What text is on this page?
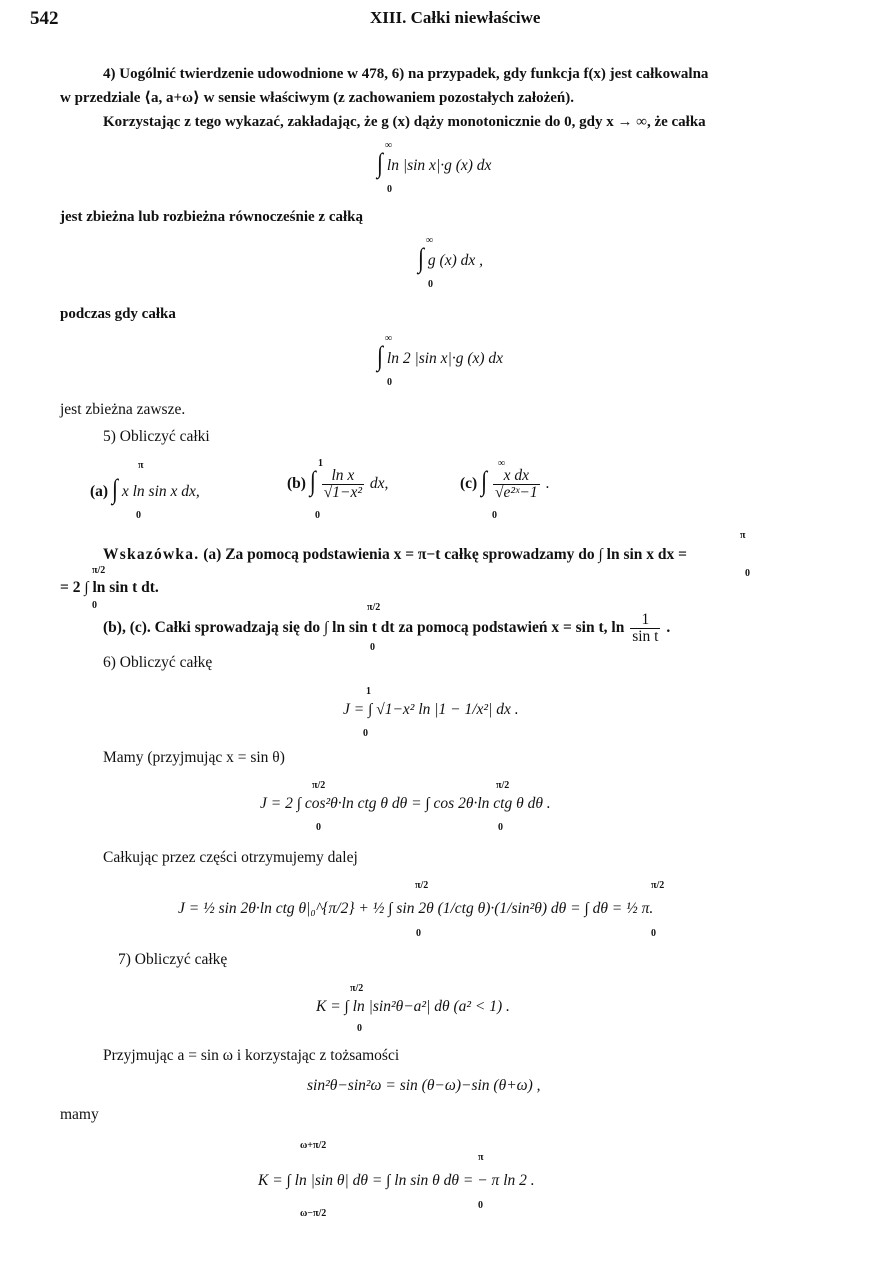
542	XIII. Całki niewłaściwe
4) Uogólnić twierdzenie udowodnione w 478, 6) na przypadek, gdy funkcja f(x) jest całkowalna
w przedziale ⟨a, a+ω⟩ w sensie właściwym (z zachowaniem pozostałych założeń).
Korzystając z tego wykazać, zakładając, że g (x) dąży monotonicznie do 0, gdy x → ∞, że całka
∞
∫ ln |sin x|·g (x) dx
0
jest zbieżna lub rozbieżna równocześnie z całką
∞
∫ g (x) dx ,
0
podczas gdy całka
∞
∫ ln 2 |sin x|·g (x) dx
0
jest zbieżna zawsze.
5) Obliczyć całki
(a)
π
∫ x ln sin x dx,
0
(b)
1
∫ $\frac{\text{ln x}}{\text{√1−x²}}$ dx,
0
(c)
∞
∫ $\frac{\text{x dx}}{\text{√e²ˣ−1}}$ .
0
Wskazówka. (a) Za pomocą podstawienia x = π−t całkę sprowadzamy do ∫ ln sin x dx =
π
0
π/2
= 2 ∫ ln sin t dt.
0
(b), (c). Całki sprowadzają się do ∫ ln sin t dt za pomocą podstawień x = sin t, $\ln \frac{1}{\text{sin t}}$ .
π/2
0
6) Obliczyć całkę
J = ∫ √1−x² ln |1 − 1/x²| dx .
1
0
Mamy (przyjmując x = sin θ)
J = 2 ∫ cos²θ·ln ctg θ dθ = ∫ cos 2θ·ln ctg θ dθ .
π/2
0
π/2
0
Całkując przez części otrzymujemy dalej
J = ½ sin 2θ·ln ctg θ|₀^{π/2} + ½ ∫ sin 2θ (1/ctg θ)·(1/sin²θ) dθ = ∫ dθ = ½ π.
π/2
0
π/2
0
7) Obliczyć całkę
K = ∫ ln |sin²θ−a²| dθ (a² < 1) .
π/2
0
Przyjmując a = sin ω i korzystając z tożsamości
sin²θ−sin²ω = sin (θ−ω)−sin (θ+ω) ,
mamy
K = ∫ ln |sin θ| dθ = ∫ ln sin θ dθ = − π ln 2 .
ω+π/2
ω−π/2
π
0
